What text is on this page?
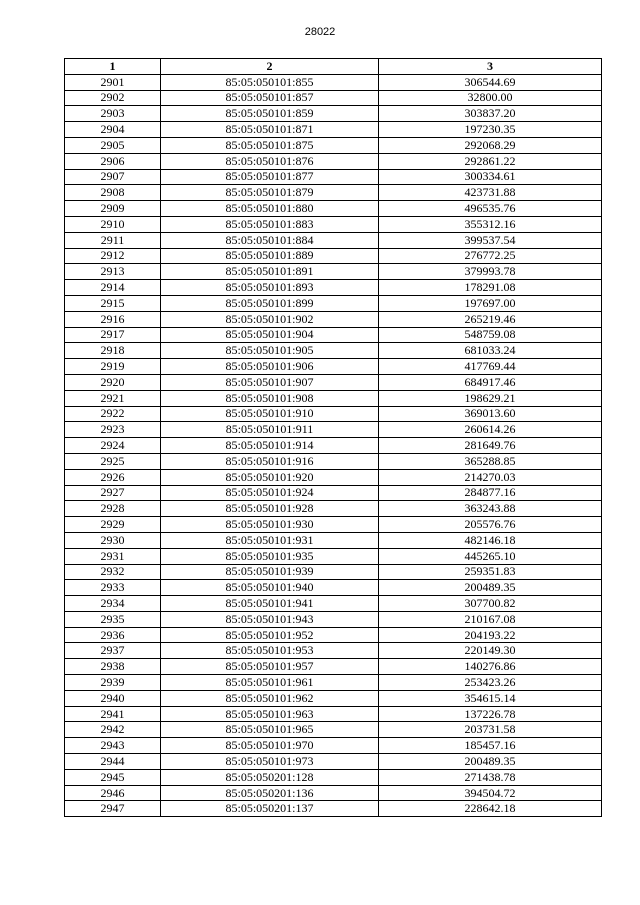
28022
1	2	3
2901	85:05:050101:855	306544.69
2902	85:05:050101:857	32800.00
2903	85:05:050101:859	303837.20
2904	85:05:050101:871	197230.35
2905	85:05:050101:875	292068.29
2906	85:05:050101:876	292861.22
2907	85:05:050101:877	300334.61
2908	85:05:050101:879	423731.88
2909	85:05:050101:880	496535.76
2910	85:05:050101:883	355312.16
2911	85:05:050101:884	399537.54
2912	85:05:050101:889	276772.25
2913	85:05:050101:891	379993.78
2914	85:05:050101:893	178291.08
2915	85:05:050101:899	197697.00
2916	85:05:050101:902	265219.46
2917	85:05:050101:904	548759.08
2918	85:05:050101:905	681033.24
2919	85:05:050101:906	417769.44
2920	85:05:050101:907	684917.46
2921	85:05:050101:908	198629.21
2922	85:05:050101:910	369013.60
2923	85:05:050101:911	260614.26
2924	85:05:050101:914	281649.76
2925	85:05:050101:916	365288.85
2926	85:05:050101:920	214270.03
2927	85:05:050101:924	284877.16
2928	85:05:050101:928	363243.88
2929	85:05:050101:930	205576.76
2930	85:05:050101:931	482146.18
2931	85:05:050101:935	445265.10
2932	85:05:050101:939	259351.83
2933	85:05:050101:940	200489.35
2934	85:05:050101:941	307700.82
2935	85:05:050101:943	210167.08
2936	85:05:050101:952	204193.22
2937	85:05:050101:953	220149.30
2938	85:05:050101:957	140276.86
2939	85:05:050101:961	253423.26
2940	85:05:050101:962	354615.14
2941	85:05:050101:963	137226.78
2942	85:05:050101:965	203731.58
2943	85:05:050101:970	185457.16
2944	85:05:050101:973	200489.35
2945	85:05:050201:128	271438.78
2946	85:05:050201:136	394504.72
2947	85:05:050201:137	228642.18
